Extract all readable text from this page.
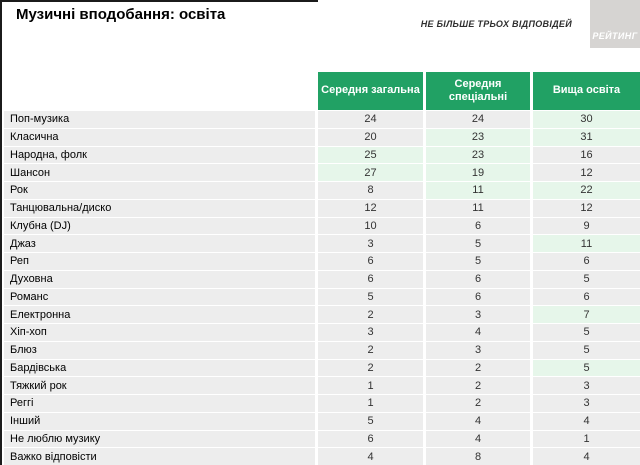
Музичні вподобання: освіта
НЕ БІЛЬШЕ ТРЬОХ ВІДПОВІДЕЙ
РЕЙТИНГ
Середня загальна
Середня спеціальні
Вища освіта
Поп-музика	24	24	30
Класична	20	23	31
Народна, фолк	25	23	16
Шансон	27	19	12
Рок	8	11	22
Танцювальна/диско	12	11	12
Клубна (DJ)	10	6	9
Джаз	3	5	11
Реп	6	5	6
Духовна	6	6	5
Романс	5	6	6
Електронна	2	3	7
Хіп-хоп	3	4	5
Блюз	2	3	5
Бардівська	2	2	5
Тяжкий рок	1	2	3
Реггі	1	2	3
Інший	5	4	4
Не люблю музику	6	4	1
Важко відповісти	4	8	4
